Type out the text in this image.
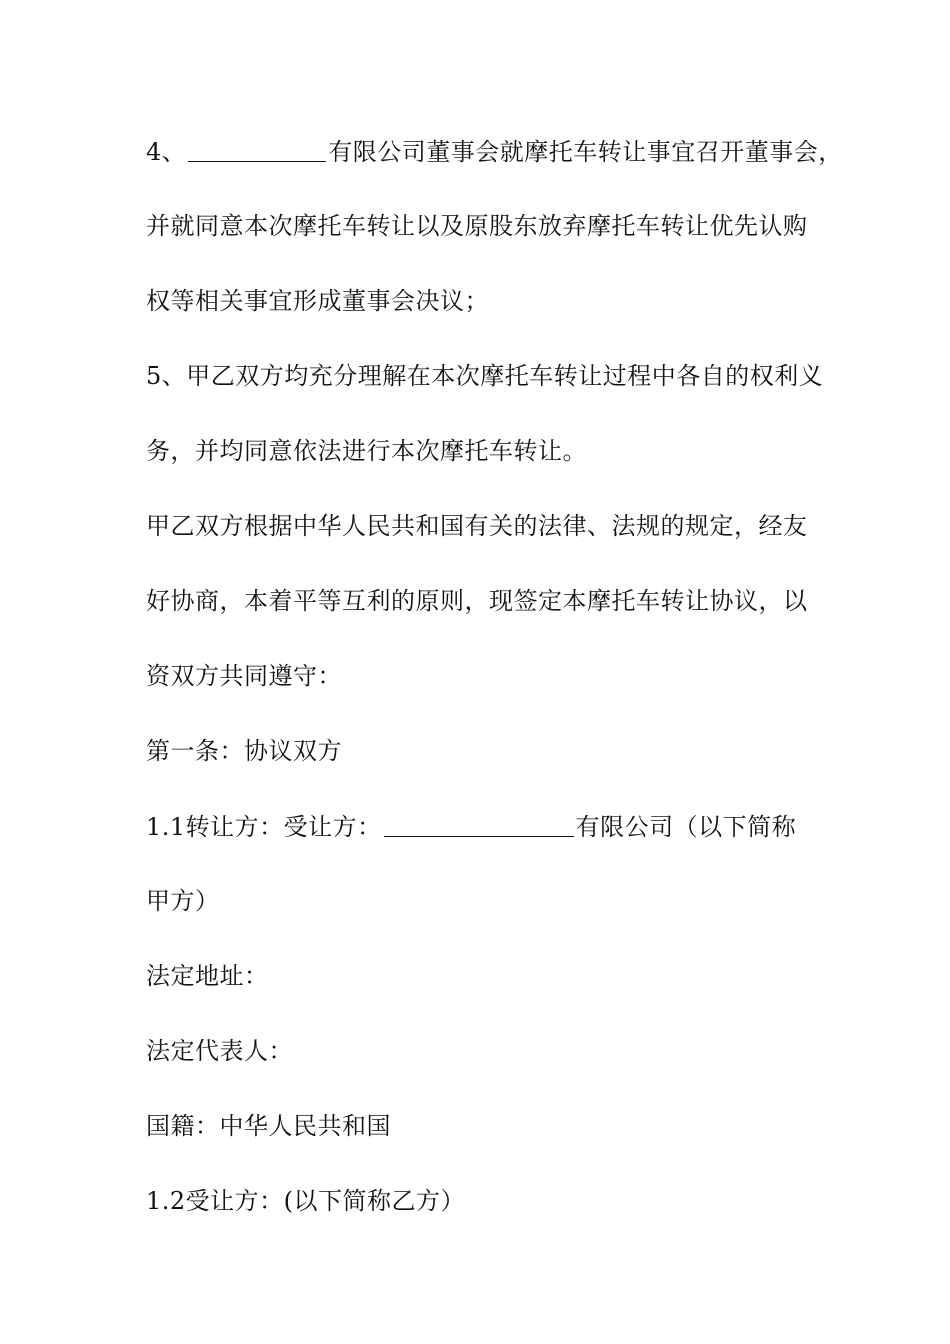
4、	有限公司董事会就摩托车转让事宜召开董事会，
并就同意本次摩托车转让以及原股东放弃摩托车转让优先认购
权等相关事宜形成董事会决议；
5、甲乙双方均充分理解在本次摩托车转让过程中各自的权利义
务，并均同意依法进行本次摩托车转让。
甲乙双方根据中华人民共和国有关的法律、法规的规定，经友
好协商，本着平等互利的原则，现签定本摩托车转让协议，以
资双方共同遵守：
第一条：协议双方
1.1转让方：受让方：	有限公司（以下简称
甲方）
法定地址：
法定代表人：
国籍：中华人民共和国
1.2受让方：(以下简称乙方）
